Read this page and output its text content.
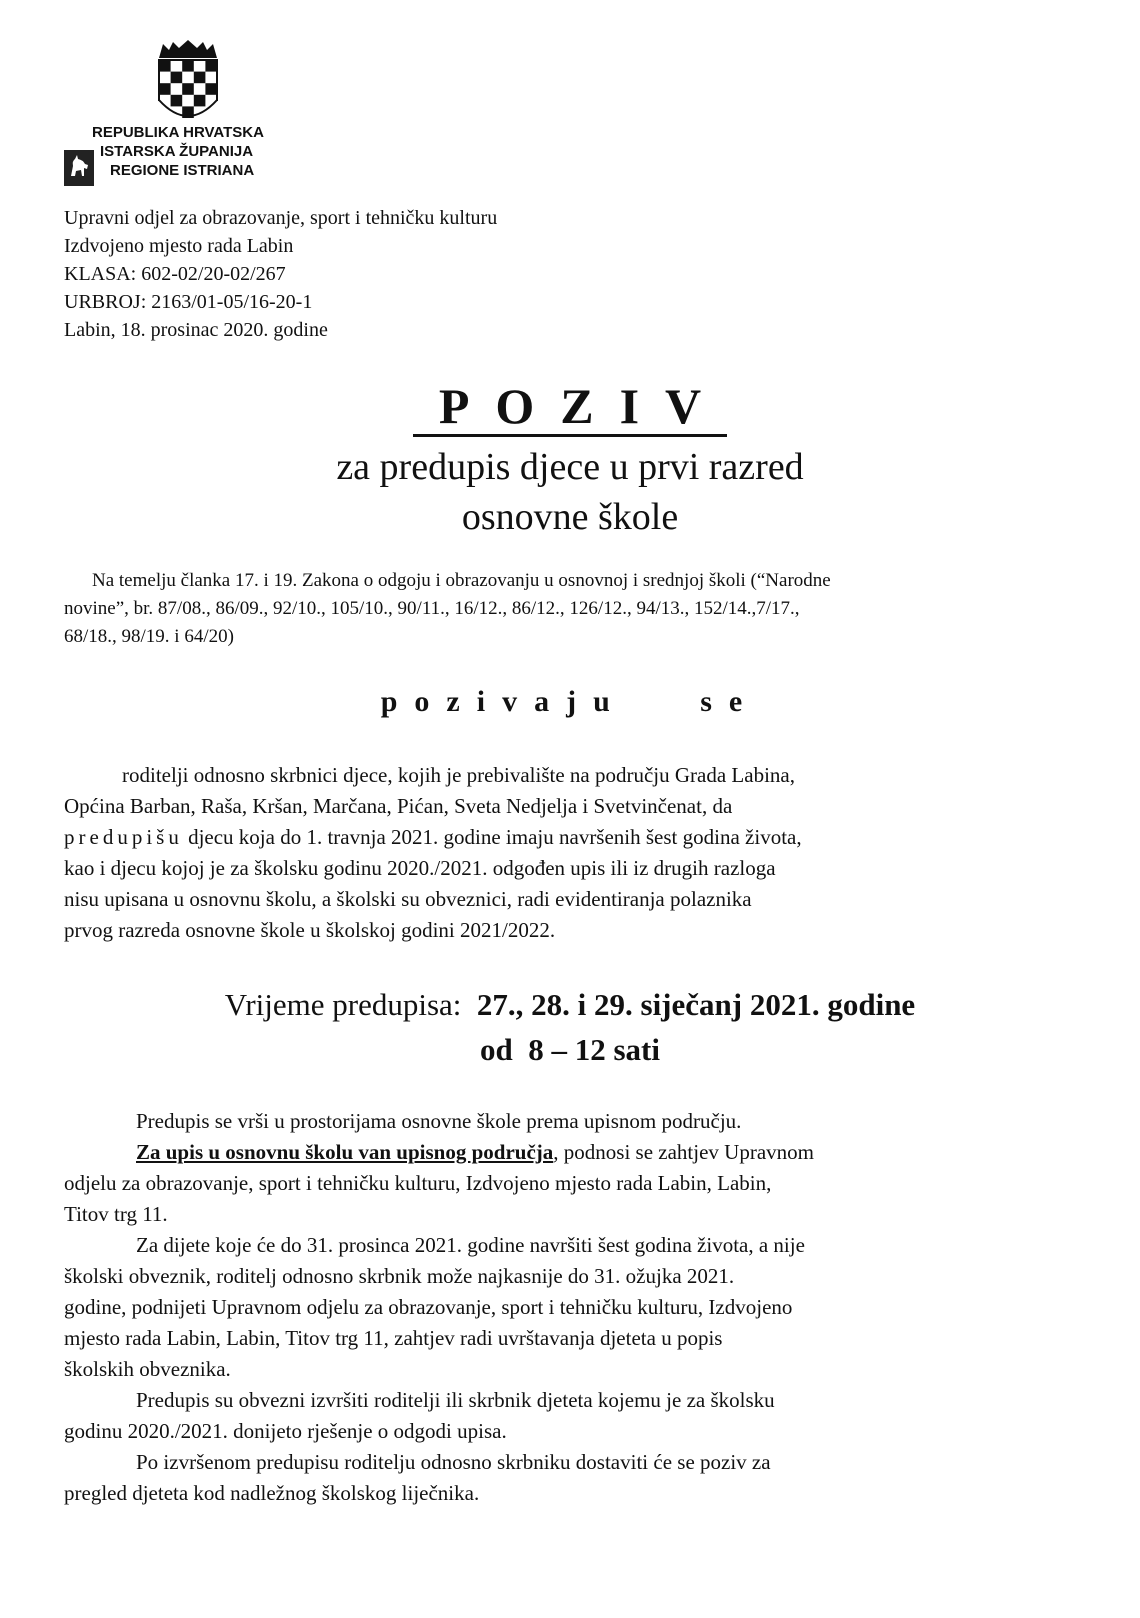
REPUBLIKA HRVATSKA
ISTARSKA ŽUPANIJA
REGIONE ISTRIANA
Upravni odjel za obrazovanje, sport i tehničku kulturu
Izdvojeno mjesto rada Labin
KLASA: 602-02/20-02/267
URBROJ: 2163/01-05/16-20-1
Labin, 18. prosinac 2020. godine
POZIV
za predupis djece u prvi razred
osnovne škole
Na temelju članka 17. i 19. Zakona o odgoju i obrazovanju u osnovnoj i srednjoj školi (“Narodne
novine”, br. 87/08., 86/09., 92/10., 105/10., 90/11., 16/12., 86/12., 126/12., 94/13., 152/14.,7/17.,
68/18., 98/19. i 64/20)
pozivaju   se
roditelji odnosno skrbnici djece, kojih je prebivalište na području Grada Labina,
Općina Barban, Raša, Kršan, Marčana, Pićan, Sveta Nedjelja i Svetvinčenat, da
predupišu djecu koja do 1. travnja 2021. godine imaju navršenih šest godina života,
kao i djecu kojoj je za školsku godinu 2020./2021. odgođen upis ili iz drugih razloga
nisu upisana u osnovnu školu, a školski su obveznici, radi evidentiranja polaznika
prvog razreda osnovne škole u školskoj godini 2021/2022.
Vrijeme predupisa: 27., 28. i 29. siječanj 2021. godine
od  8 – 12 sati
Predupis se vrši u prostorijama osnovne škole prema upisnom području.
Za upis u osnovnu školu van upisnog područja, podnosi se zahtjev Upravnom
odjelu za obrazovanje, sport i tehničku kulturu, Izdvojeno mjesto rada Labin, Labin,
Titov trg 11.
Za dijete koje će do 31. prosinca 2021. godine navršiti šest godina života, a nije
školski obveznik, roditelj odnosno skrbnik može najkasnije do 31. ožujka 2021.
godine, podnijeti Upravnom odjelu za obrazovanje, sport i tehničku kulturu, Izdvojeno
mjesto rada Labin, Labin, Titov trg 11, zahtjev radi uvrštavanja djeteta u popis
školskih obveznika.
Predupis su obvezni izvršiti roditelji ili skrbnik djeteta kojemu je za školsku
godinu 2020./2021. donijeto rješenje o odgodi upisa.
Po izvršenom predupisu roditelju odnosno skrbniku dostaviti će se poziv za
pregled djeteta kod nadležnog školskog liječnika.
